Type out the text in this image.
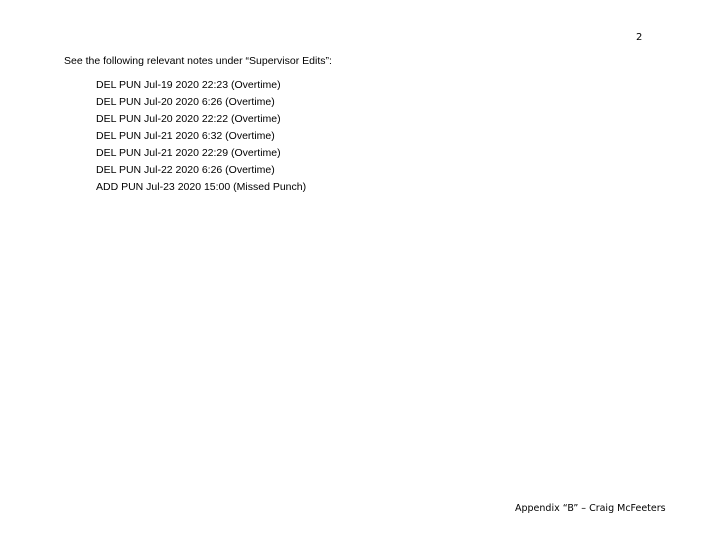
2
See the following relevant notes under “Supervisor Edits”:
DEL PUN Jul-19 2020 22:23 (Overtime)
DEL PUN Jul-20 2020 6:26 (Overtime)
DEL PUN Jul-20 2020 22:22 (Overtime)
DEL PUN Jul-21 2020 6:32 (Overtime)
DEL PUN Jul-21 2020 22:29 (Overtime)
DEL PUN Jul-22 2020 6:26 (Overtime)
ADD PUN Jul-23 2020 15:00 (Missed Punch)
Appendix “B” – Craig McFeeters
